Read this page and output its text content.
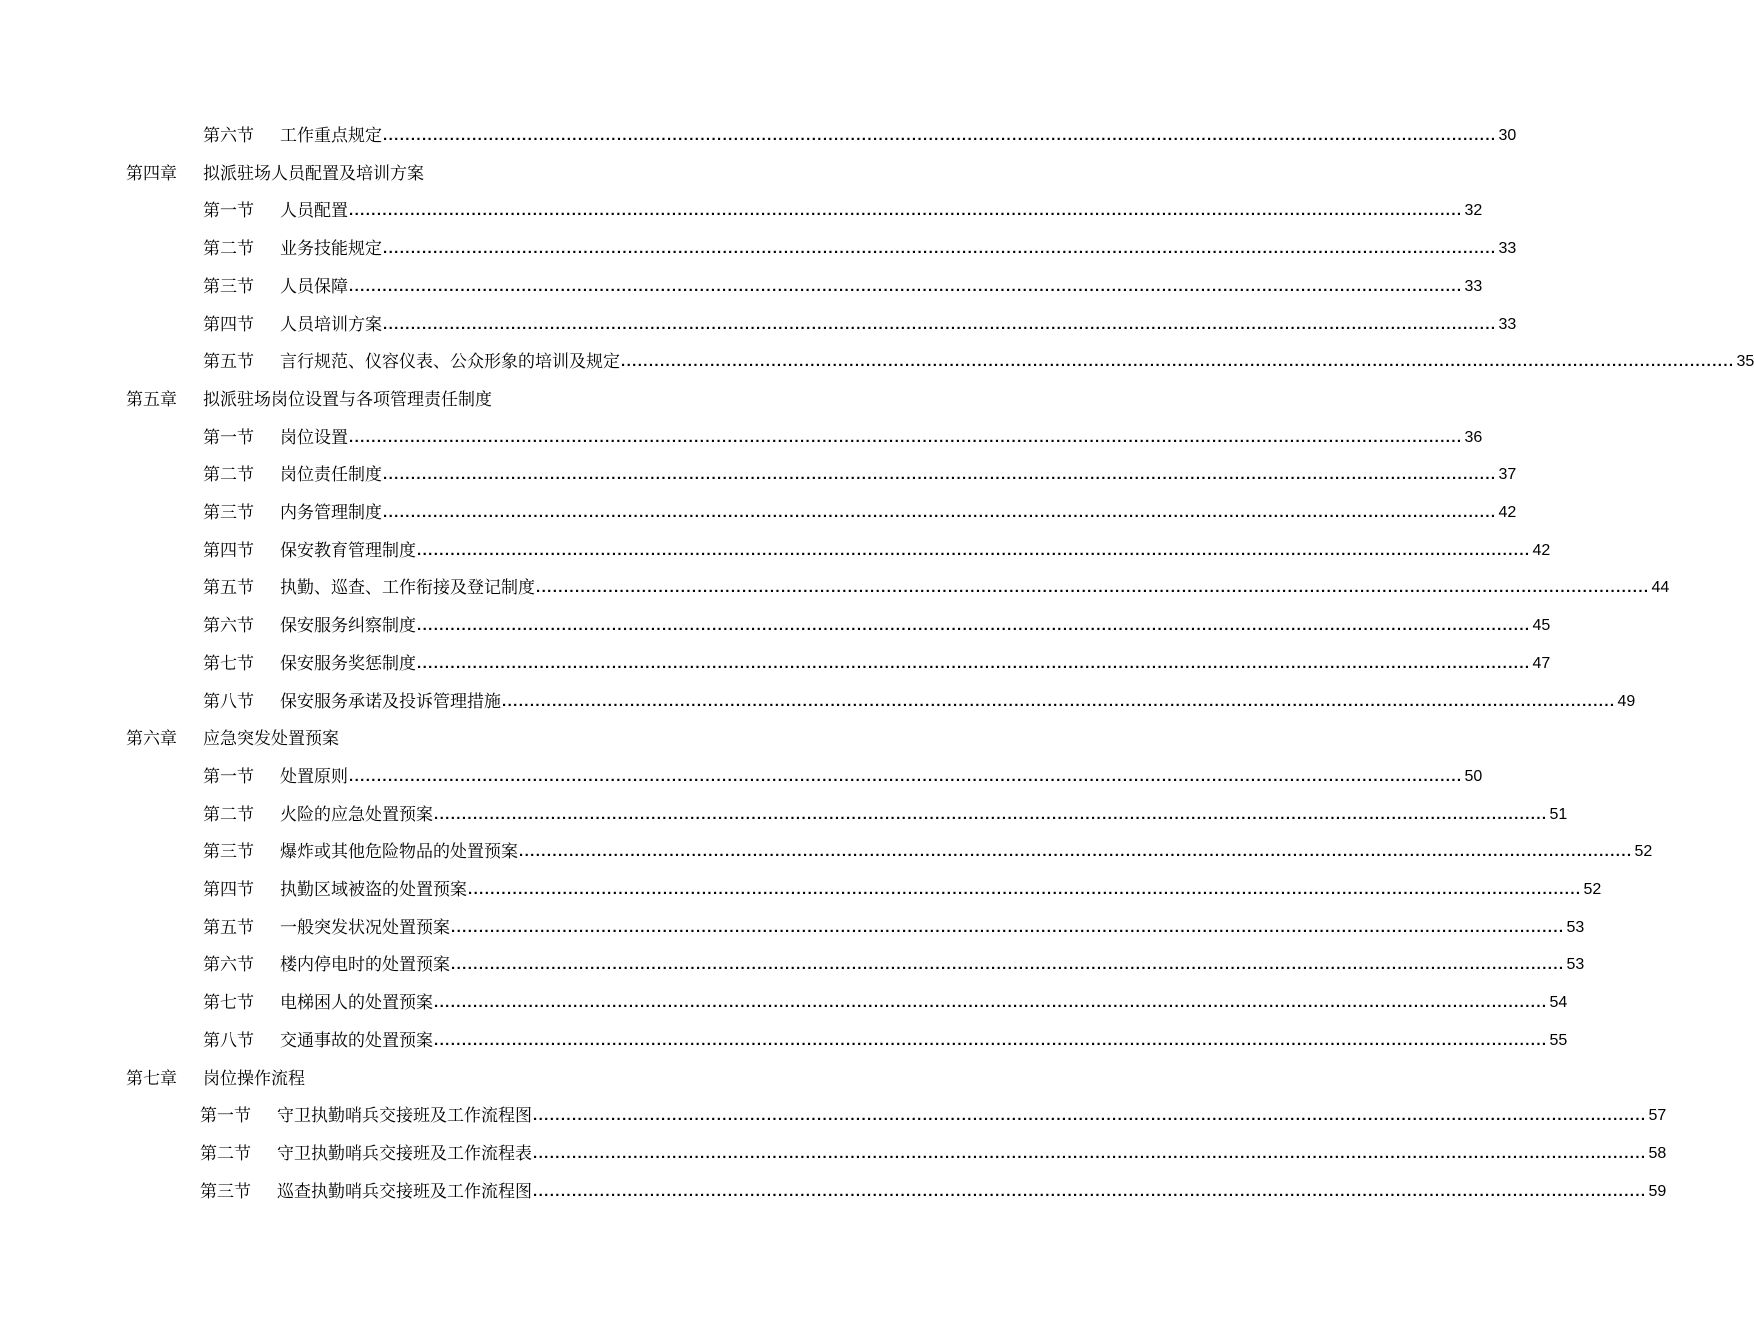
第六节	工作重点规定 ........................................................................................................................................................................................................ 30
第四章	拟派驻场人员配置及培训方案
第一节	人员配置 ........................................................................................................................................................................................................ 32
第二节	业务技能规定 ........................................................................................................................................................................................................ 33
第三节	人员保障 ........................................................................................................................................................................................................ 33
第四节	人员培训方案 ........................................................................................................................................................................................................ 33
第五节	言行规范、仪容仪表、公众形象的培训及规定 ........................................................................................................................................................................................................ 35
第五章	拟派驻场岗位设置与各项管理责任制度
第一节	岗位设置 ........................................................................................................................................................................................................ 36
第二节	岗位责任制度 ........................................................................................................................................................................................................ 37
第三节	内务管理制度 ........................................................................................................................................................................................................ 42
第四节	保安教育管理制度 ........................................................................................................................................................................................................ 42
第五节	执勤、巡查、工作衔接及登记制度 ........................................................................................................................................................................................................ 44
第六节	保安服务纠察制度 ........................................................................................................................................................................................................ 45
第七节	保安服务奖惩制度 ........................................................................................................................................................................................................ 47
第八节	保安服务承诺及投诉管理措施 ........................................................................................................................................................................................................ 49
第六章	应急突发处置预案
第一节	处置原则 ........................................................................................................................................................................................................ 50
第二节	火险的应急处置预案 ........................................................................................................................................................................................................ 51
第三节	爆炸或其他危险物品的处置预案 ........................................................................................................................................................................................................ 52
第四节	执勤区域被盗的处置预案 ........................................................................................................................................................................................................ 52
第五节	一般突发状况处置预案 ........................................................................................................................................................................................................ 53
第六节	楼内停电时的处置预案 ........................................................................................................................................................................................................ 53
第七节	电梯困人的处置预案 ........................................................................................................................................................................................................ 54
第八节	交通事故的处置预案 ........................................................................................................................................................................................................ 55
第七章	岗位操作流程
第一节	守卫执勤哨兵交接班及工作流程图 ........................................................................................................................................................................................................ 57
第二节	守卫执勤哨兵交接班及工作流程表 ........................................................................................................................................................................................................ 58
第三节	巡查执勤哨兵交接班及工作流程图 ........................................................................................................................................................................................................ 59
